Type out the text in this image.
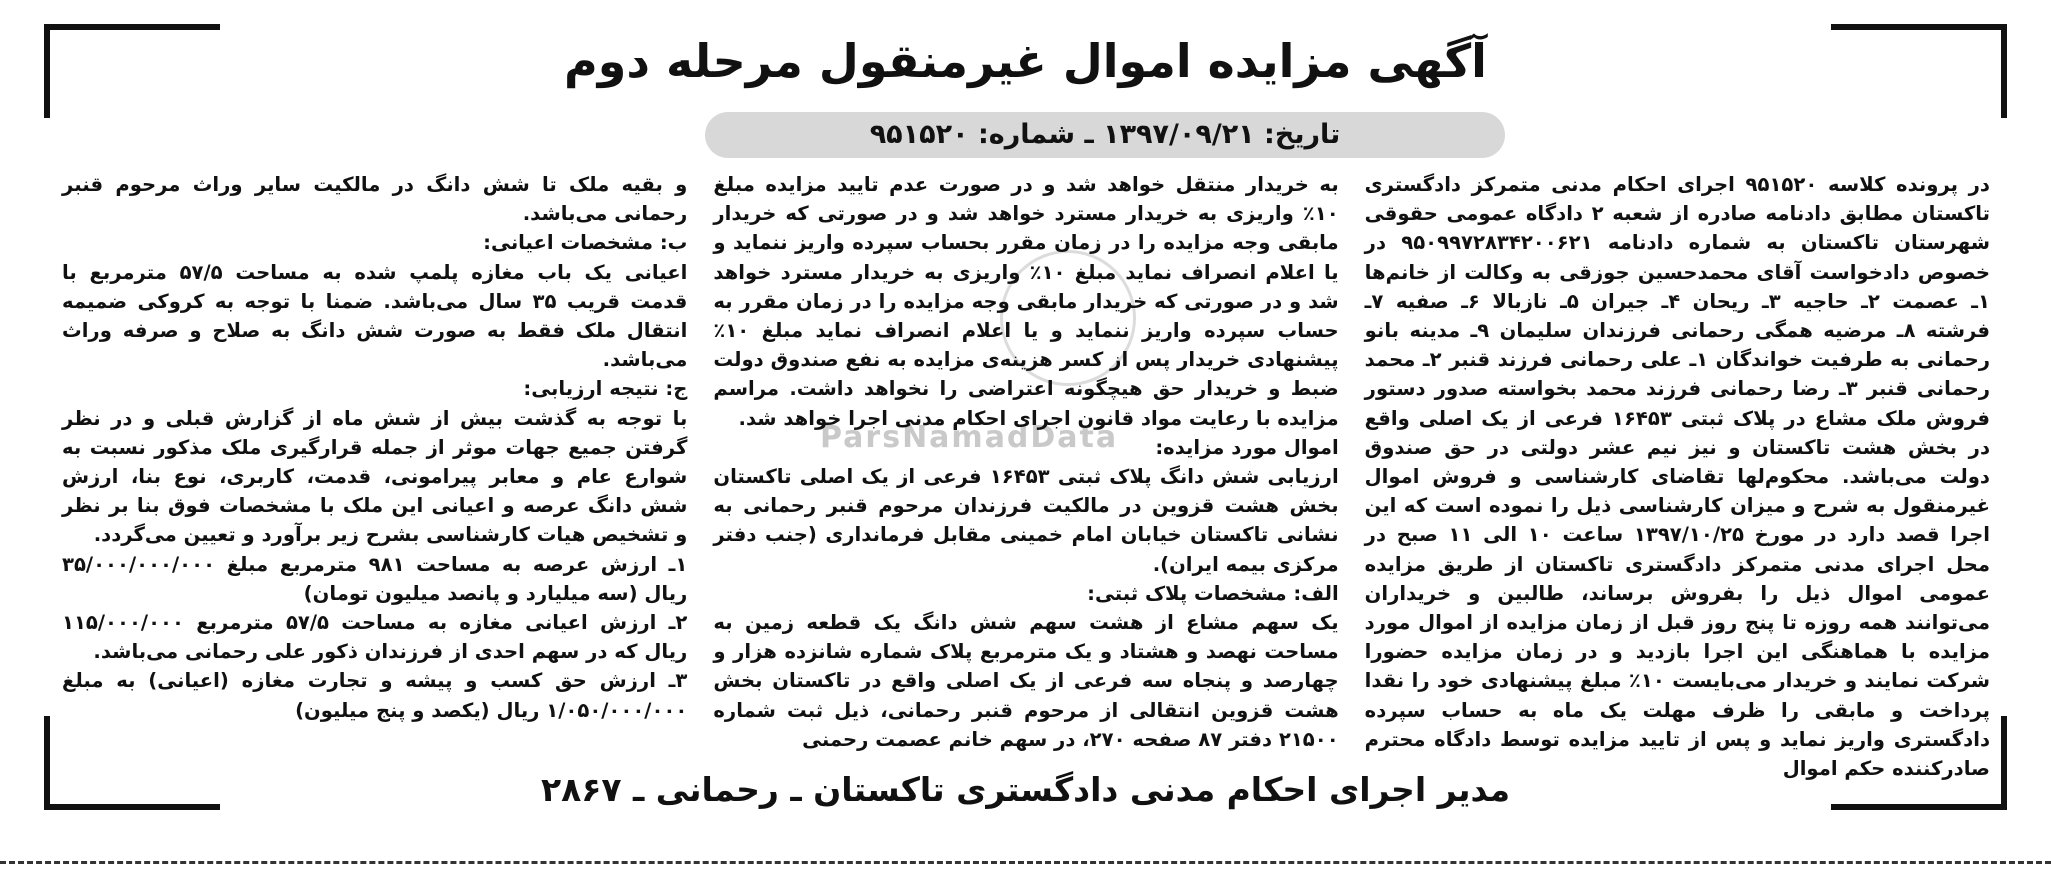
آگهی مزایده اموال غیرمنقول مرحله دوم
تاریخ: ۱۳۹۷/۰۹/۲۱ ـ شماره: ۹۵۱۵۲۰
ParsNamadData

در پرونده کلاسه ۹۵۱۵۲۰ اجرای احکام مدنی متمرکز دادگستری تاکستان مطابق دادنامه صادره از شعبه ۲ دادگاه عمومی حقوقی شهرستان تاکستان به شماره دادنامه ۹۵۰۹۹۷۲۸۳۴۲۰۰۶۲۱ در خصوص دادخواست آقای محمدحسین جوزقی به وکالت از خانم‌ها ۱ـ عصمت ۲ـ حاجیه ۳ـ ریحان ۴ـ جیران ۵ـ نازبالا ۶ـ صفیه ۷ـ فرشته ۸ـ مرضیه همگی رحمانی فرزندان سلیمان ۹ـ مدینه بانو رحمانی به طرفیت خواندگان ۱ـ علی رحمانی فرزند قنبر ۲ـ محمد رحمانی قنبر ۳ـ رضا رحمانی فرزند محمد بخواسته صدور دستور فروش ملک مشاع در پلاک ثبتی ۱۶۴۵۳ فرعی از یک اصلی واقع در بخش هشت تاکستان و نیز نیم عشر دولتی در حق صندوق دولت می‌باشد. محکوم‌لها تقاضای کارشناسی و فروش اموال غیرمنقول به شرح و میزان کارشناسی ذیل را نموده است که این اجرا قصد دارد در مورخ ۱۳۹۷/۱۰/۲۵ ساعت ۱۰ الی ۱۱ صبح در محل اجرای مدنی متمرکز دادگستری تاکستان از طریق مزایده عمومی اموال ذیل را بفروش برساند، طالبین و خریداران می‌توانند همه روزه تا پنج روز قبل از زمان مزایده از اموال مورد مزایده با هماهنگی این اجرا بازدید و در زمان مزایده حضورا شرکت نمایند و خریدار می‌بایست ۱۰٪ مبلغ پیشنهادی خود را نقدا پرداخت و مابقی را ظرف مهلت یک ماه به حساب سپرده دادگستری واریز نماید و پس از تایید مزایده توسط دادگاه محترم صادرکننده حکم اموال

به خریدار منتقل خواهد شد و در صورت عدم تایید مزایده مبلغ ۱۰٪ واریزی به خریدار مسترد خواهد شد و در صورتی که خریدار مابقی وجه مزایده را در زمان مقرر بحساب سپرده واریز ننماید و یا اعلام انصراف نماید مبلغ ۱۰٪ واریزی به خریدار مسترد خواهد شد و در صورتی که خریدار مابقی وجه مزایده را در زمان مقرر به حساب سپرده واریز ننماید و یا اعلام انصراف نماید مبلغ ۱۰٪ پیشنهادی خریدار پس از کسر هزینه‌ی مزایده به نفع صندوق دولت ضبط و خریدار حق هیچگونه اعتراضی را نخواهد داشت. مراسم مزایده با رعایت مواد قانون اجرای احکام مدنی اجرا خواهد شد.

اموال مورد مزایده:

ارزیابی شش دانگ پلاک ثبتی ۱۶۴۵۳ فرعی از یک اصلی تاکستان بخش هشت قزوین در مالکیت فرزندان مرحوم قنبر رحمانی به نشانی تاکستان خیابان امام خمینی مقابل فرمانداری (جنب دفتر مرکزی بیمه ایران).

الف: مشخصات پلاک ثبتی:

یک سهم مشاع از هشت سهم شش دانگ یک قطعه زمین به مساحت نهصد و هشتاد و یک مترمربع پلاک شماره شانزده هزار و چهارصد و پنجاه سه فرعی از یک اصلی واقع در تاکستان بخش هشت قزوین انتقالی از مرحوم قنبر رحمانی، ذیل ثبت شماره ۲۱۵۰۰ دفتر ۸۷ صفحه ۲۷۰، در سهم خانم عصمت رحمنی

و بقیه ملک تا شش دانگ در مالکیت سایر وراث مرحوم قنبر رحمانی می‌باشد.

ب: مشخصات اعیانی:

اعیانی یک باب مغازه پلمپ شده به مساحت ۵۷/۵ مترمربع با قدمت قریب ۳۵ سال می‌باشد. ضمنا با توجه به کروکی ضمیمه انتقال ملک فقط به صورت شش دانگ به صلاح و صرفه وراث می‌باشد.

ج: نتیجه ارزیابی:

با توجه به گذشت بیش از شش ماه از گزارش قبلی و در نظر گرفتن جمیع جهات موثر از جمله قرارگیری ملک مذکور نسبت به شوارع عام و معابر پیرامونی، قدمت، کاربری، نوع بنا، ارزش شش دانگ عرصه و اعیانی این ملک با مشخصات فوق بنا بر نظر و تشخیص هیات کارشناسی بشرح زیر برآورد و تعیین می‌گردد.

۱ـ ارزش عرصه به مساحت ۹۸۱ مترمربع مبلغ ۳۵/۰۰۰/۰۰۰/۰۰۰ ریال (سه میلیارد و پانصد میلیون تومان)

۲ـ ارزش اعیانی مغازه به مساحت ۵۷/۵ مترمربع ۱۱۵/۰۰۰/۰۰۰ ریال که در سهم احدی از فرزندان ذکور علی رحمانی می‌باشد.

۳ـ ارزش حق کسب و پیشه و تجارت مغازه (اعیانی) به مبلغ ۱/۰۵۰/۰۰۰/۰۰۰ ریال (یکصد و پنج میلیون)

مدیر اجرای احکام مدنی دادگستری تاکستان ـ رحمانی ـ ۲۸۶۷
